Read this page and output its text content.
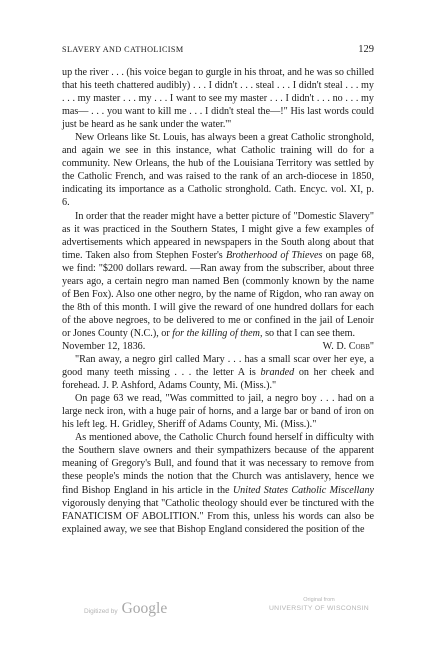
SLAVERY AND CATHOLICISM	129

up the river . . . (his voice began to gurgle in his throat, and he was so chilled that his teeth chattered audibly) . . . I didn't . . . steal . . . I didn't steal . . . my . . . my master . . . my . . . I want to see my master . . . I didn't . . . no . . . my mas— . . . you want to kill me . . . I didn't steal the—!" His last words could just be heard as he sank under the water.'"

New Orleans like St. Louis, has always been a great Catholic stronghold, and again we see in this instance, what Catholic training will do for a community. New Orleans, the hub of the Louisiana Territory was settled by the Catholic French, and was raised to the rank of an arch-diocese in 1850, indicating its importance as a Catholic stronghold. Cath. Encyc. vol. XI, p. 6.

In order that the reader might have a better picture of "Domestic Slavery" as it was practiced in the Southern States, I might give a few examples of advertisements which appeared in newspapers in the South along about that time. Taken also from Stephen Foster's Brotherhood of Thieves on page 68, we find: "$200 dollars reward. —Ran away from the subscriber, about three years ago, a certain negro man named Ben (commonly known by the name of Ben Fox). Also one other negro, by the name of Rigdon, who ran away on the 8th of this month. I will give the reward of one hundred dollars for each of the above negroes, to be delivered to me or confined in the jail of Lenoir or Jones County (N.C.), or for the killing of them, so that I can see them.

November 12, 1836.	W. D. Cobb"

"Ran away, a negro girl called Mary . . . has a small scar over her eye, a good many teeth missing . . . the letter A is branded on her cheek and forehead. J. P. Ashford, Adams County, Mi. (Miss.)."

On page 63 we read, "Was committed to jail, a negro boy . . . had on a large neck iron, with a huge pair of horns, and a large bar or band of iron on his left leg. H. Gridley, Sheriff of Adams County, Mi. (Miss.)."

As mentioned above, the Catholic Church found herself in difficulty with the Southern slave owners and their sympathizers because of the apparent meaning of Gregory's Bull, and found that it was necessary to remove from these people's minds the notion that the Church was antislavery, hence we find Bishop England in his article in the United States Catholic Miscellany vigorously denying that "Catholic theology should ever be tinctured with the FANATICISM OF ABOLITION." From this, unless his words can also be explained away, we see that Bishop England considered the position of the

Digitized by Google	Original from
UNIVERSITY OF WISCONSIN
